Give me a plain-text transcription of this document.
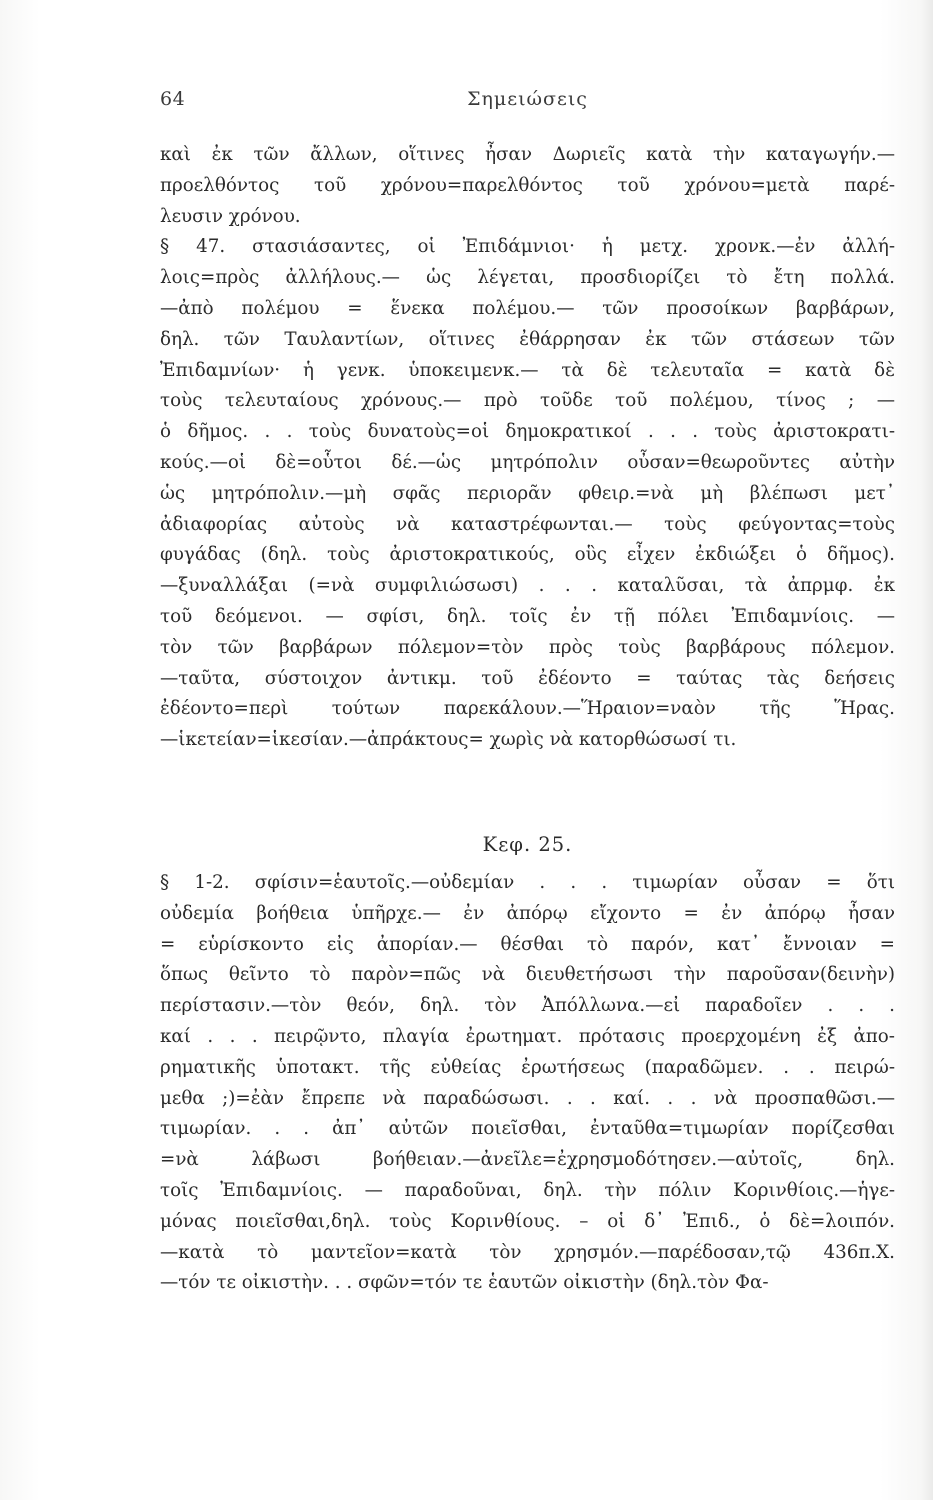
64	Σημειώσεις
καὶ ἐκ τῶν ἄλλων, οἵτινες ἦσαν Δωριεῖς κατὰ τὴν καταγωγήν.—
προελθόντος τοῦ χρόνου=παρελθόντος τοῦ χρόνου=μετὰ παρέ-
λευσιν χρόνου.
§ 47. στασιάσαντες, οἱ Ἐπιδάμνιοι· ἡ μετχ. χρονκ.—ἐν ἀλλή-
λοις=πρὸς ἀλλήλους.— ὡς λέγεται, προσδιορίζει τὸ ἔτη πολλά.
—ἀπὸ πολέμου = ἕνεκα πολέμου.— τῶν προσοίκων βαρβάρων,
δηλ. τῶν Ταυλαντίων, οἵτινες ἐθάρρησαν ἐκ τῶν στάσεων τῶν
Ἐπιδαμνίων· ἡ γενκ. ὑποκειμενκ.— τὰ δὲ τελευταῖα = κατὰ δὲ
τοὺς τελευταίους χρόνους.— πρὸ τοῦδε τοῦ πολέμου, τίνος ; —
ὁ δῆμος. . . τοὺς δυνατοὺς=οἱ δημοκρατικοί . . . τοὺς ἀριστοκρατι-
κούς.—οἱ δὲ=οὗτοι δέ.—ὡς μητρόπολιν οὖσαν=θεωροῦντες αὐτὴν
ὡς μητρόπολιν.—μὴ σφᾶς περιορᾶν φθειρ.=νὰ μὴ βλέπωσι μετ᾿
ἀδιαφορίας αὐτοὺς νὰ καταστρέφωνται.— τοὺς φεύγοντας=τοὺς
φυγάδας (δηλ. τοὺς ἀριστοκρατικούς, οὓς εἶχεν ἐκδιώξει ὁ δῆμος).
—ξυναλλάξαι (=νὰ συμφιλιώσωσι) . . . καταλῦσαι, τὰ ἀπρμφ. ἐκ
τοῦ δεόμενοι. — σφίσι, δηλ. τοῖς ἐν τῇ πόλει Ἐπιδαμνίοις. —
τὸν τῶν βαρβάρων πόλεμον=τὸν πρὸς τοὺς βαρβάρους πόλεμον.
—ταῦτα, σύστοιχον ἀντικμ. τοῦ ἐδέοντο = ταύτας τὰς δεήσεις
ἐδέοντο=περὶ τούτων παρεκάλουν.—Ἥραιον=ναὸν τῆς Ἥρας.
—ἱκετείαν=ἱκεσίαν.—ἀπράκτους= χωρὶς νὰ κατορθώσωσί τι.
Κεφ. 25.
§ 1-2. σφίσιν=ἑαυτοῖς.—οὐδεμίαν . . . τιμωρίαν οὖσαν = ὅτι
οὐδεμία βοήθεια ὑπῆρχε.— ἐν ἀπόρῳ εἴχοντο = ἐν ἀπόρῳ ἦσαν
= εὑρίσκοντο εἰς ἀπορίαν.— θέσθαι τὸ παρόν, κατ᾿ ἔννοιαν =
ὅπως θεῖντο τὸ παρὸν=πῶς νὰ διευθετήσωσι τὴν παροῦσαν(δεινὴν)
περίστασιν.—τὸν θεόν, δηλ. τὸν Ἀπόλλωνα.—εἰ παραδοῖεν . . .
καί . . . πειρῷντο, πλαγία ἐρωτηματ. πρότασις προερχομένη ἐξ ἀπο-
ρηματικῆς ὑποτακτ. τῆς εὐθείας ἐρωτήσεως (παραδῶμεν. . . πειρώ-
μεθα ;)=ἐὰν ἔπρεπε νὰ παραδώσωσι. . . καί. . . νὰ προσπαθῶσι.—
τιμωρίαν. . . ἀπ᾿ αὐτῶν ποιεῖσθαι, ἐνταῦθα=τιμωρίαν πορίζεσθαι
=νὰ λάβωσι βοήθειαν.—ἀνεῖλε=ἐχρησμοδότησεν.—αὐτοῖς, δηλ.
τοῖς Ἐπιδαμνίοις. — παραδοῦναι, δηλ. τὴν πόλιν Κορινθίοις.—ἡγε-
μόνας ποιεῖσθαι,δηλ. τοὺς Κορινθίους. – οἱ δ᾿ Ἐπιδ., ὁ δὲ=λοιπόν.
—κατὰ τὸ μαντεῖον=κατὰ τὸν χρησμόν.—παρέδοσαν,τῷ 436π.Χ.
—τόν τε οἰκιστὴν. . . σφῶν=τόν τε ἑαυτῶν οἰκιστὴν (δηλ.τὸν Φα-
